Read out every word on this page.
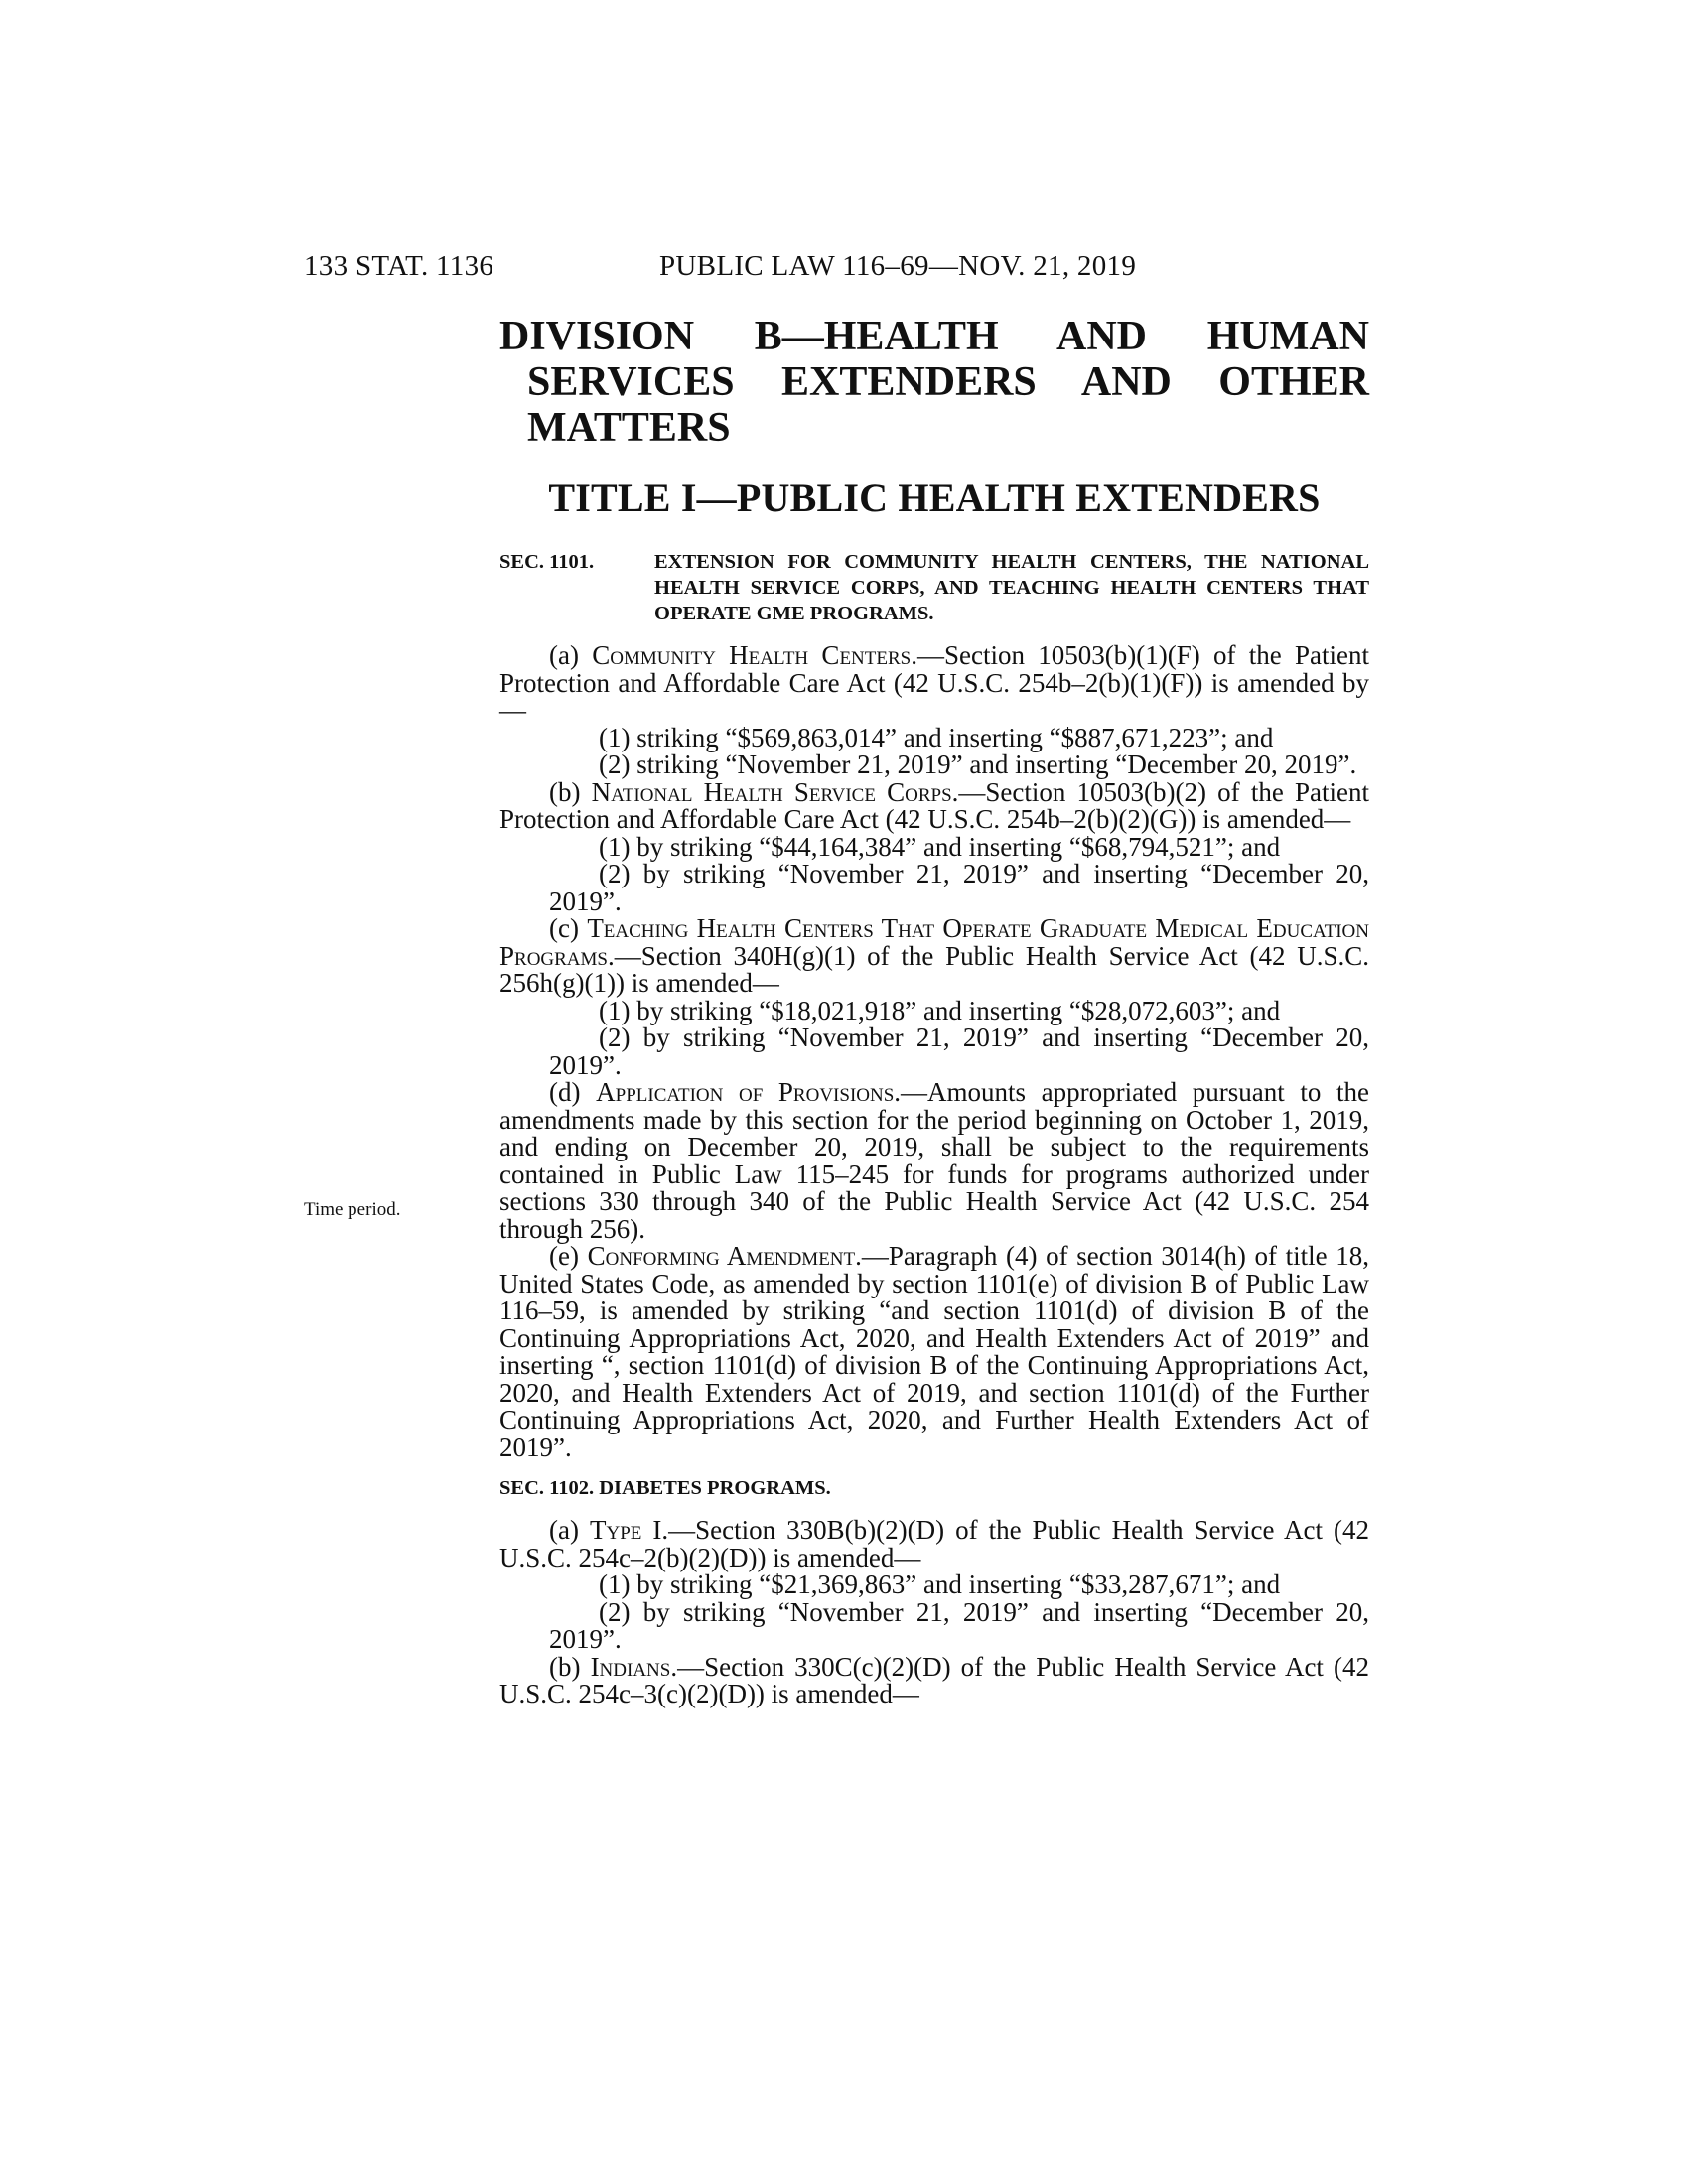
133 STAT. 1136	PUBLIC LAW 116–69—NOV. 21, 2019
Time period.
DIVISION B—HEALTH AND HUMAN SERVICES EXTENDERS AND OTHER MATTERS
TITLE I—PUBLIC HEALTH EXTENDERS
SEC. 1101.	EXTENSION FOR COMMUNITY HEALTH CENTERS, THE NATIONAL HEALTH SERVICE CORPS, AND TEACHING HEALTH CENTERS THAT OPERATE GME PROGRAMS.

(a) Community Health Centers.—Section 10503(b)(1)(F) of the Patient Protection and Affordable Care Act (42 U.S.C. 254b–2(b)(1)(F)) is amended by—

(1) striking “$569,863,014” and inserting “$887,671,223”; and

(2) striking “November 21, 2019” and inserting “December 20, 2019”.

(b) National Health Service Corps.—Section 10503(b)(2) of the Patient Protection and Affordable Care Act (42 U.S.C. 254b–2(b)(2)(G)) is amended—

(1) by striking “$44,164,384” and inserting “$68,794,521”; and

(2) by striking “November 21, 2019” and inserting “December 20, 2019”.

(c) Teaching Health Centers That Operate Graduate Medical Education Programs.—Section 340H(g)(1) of the Public Health Service Act (42 U.S.C. 256h(g)(1)) is amended—

(1) by striking “$18,021,918” and inserting “$28,072,603”; and

(2) by striking “November 21, 2019” and inserting “December 20, 2019”.

(d) Application of Provisions.—Amounts appropriated pursuant to the amendments made by this section for the period beginning on October 1, 2019, and ending on December 20, 2019, shall be subject to the requirements contained in Public Law 115–245 for funds for programs authorized under sections 330 through 340 of the Public Health Service Act (42 U.S.C. 254 through 256).

(e) Conforming Amendment.—Paragraph (4) of section 3014(h) of title 18, United States Code, as amended by section 1101(e) of division B of Public Law 116–59, is amended by striking “and section 1101(d) of division B of the Continuing Appropriations Act, 2020, and Health Extenders Act of 2019” and inserting “, section 1101(d) of division B of the Continuing Appropriations Act, 2020, and Health Extenders Act of 2019, and section 1101(d) of the Further Continuing Appropriations Act, 2020, and Further Health Extenders Act of 2019”.

SEC. 1102. DIABETES PROGRAMS.

(a) Type I.—Section 330B(b)(2)(D) of the Public Health Service Act (42 U.S.C. 254c–2(b)(2)(D)) is amended—

(1) by striking “$21,369,863” and inserting “$33,287,671”; and

(2) by striking “November 21, 2019” and inserting “December 20, 2019”.

(b) Indians.—Section 330C(c)(2)(D) of the Public Health Service Act (42 U.S.C. 254c–3(c)(2)(D)) is amended—
